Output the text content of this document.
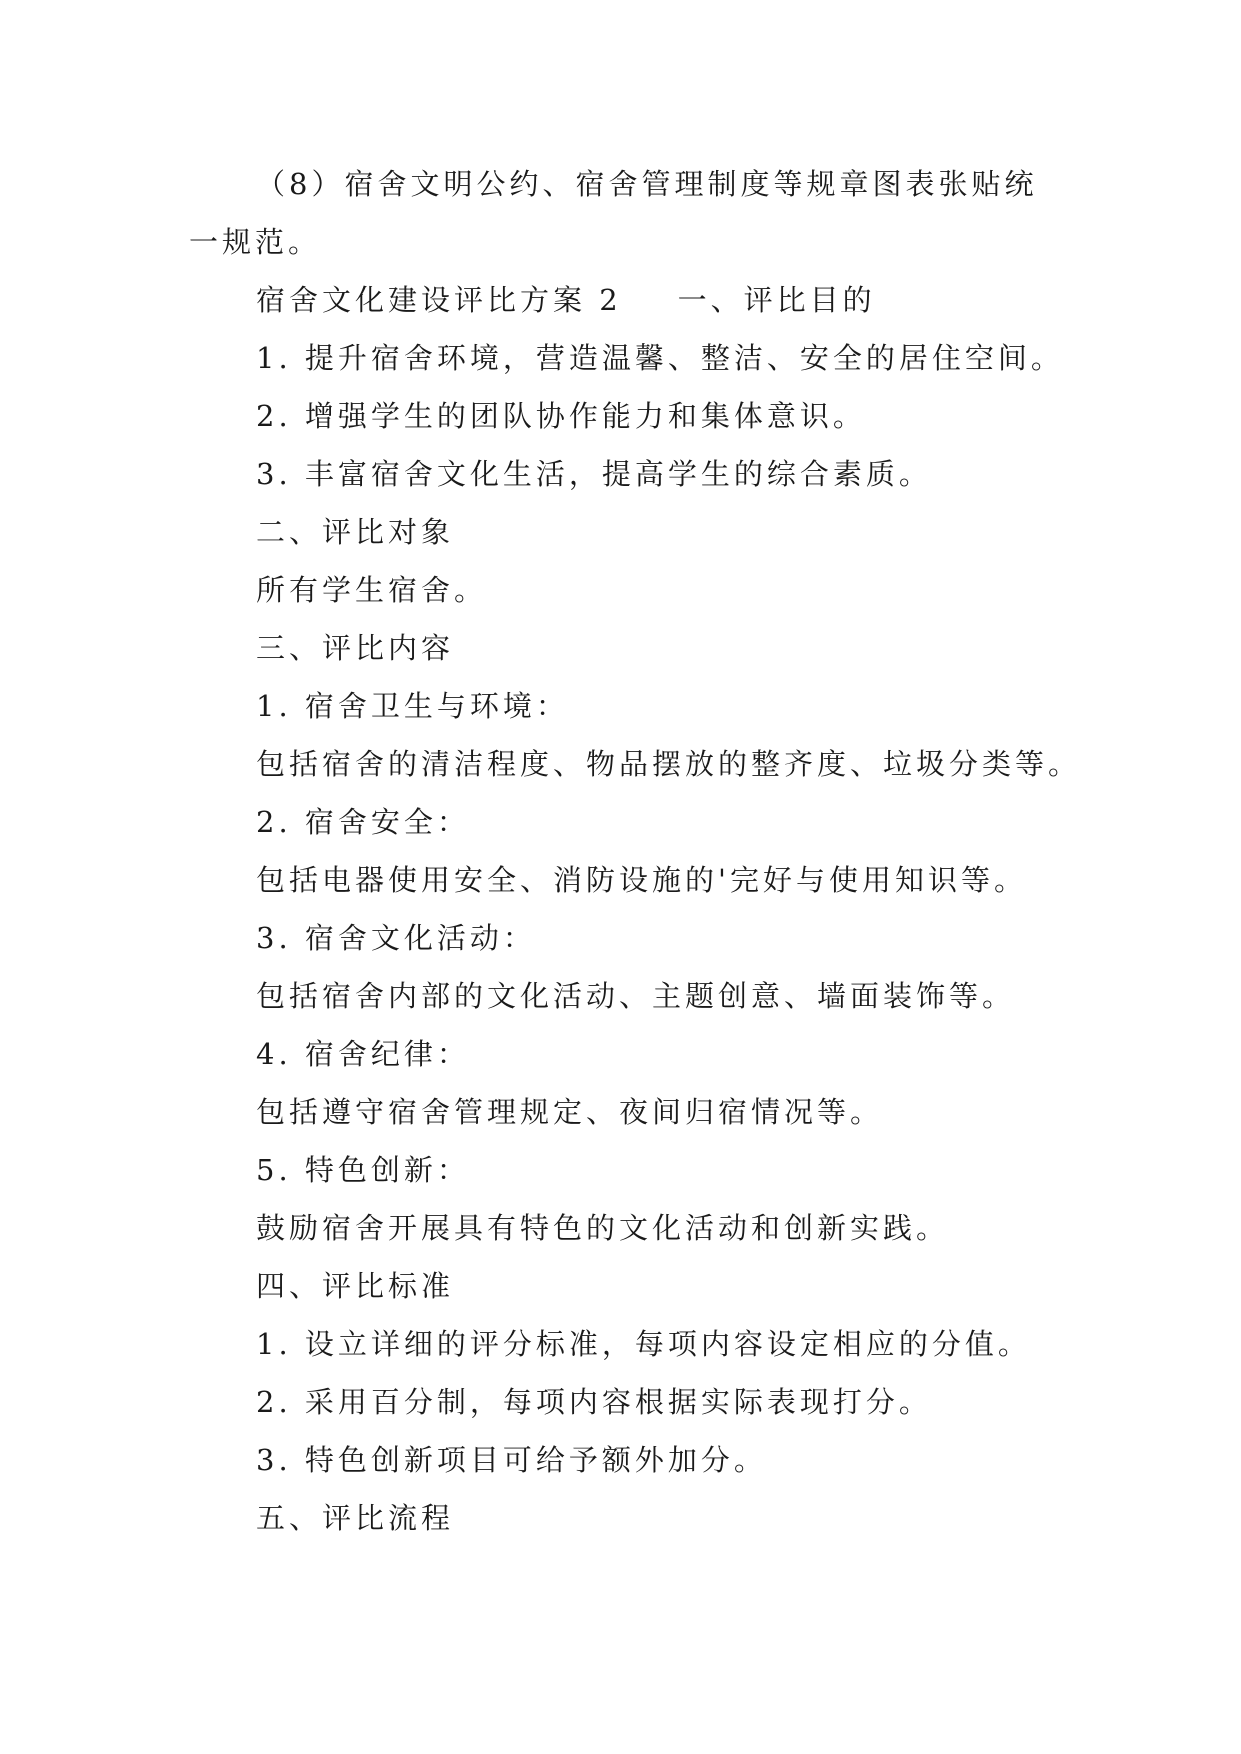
（8）宿舍文明公约、宿舍管理制度等规章图表张贴统

一规范。

宿舍文化建设评比方案 2 一、评比目的

1. 提升宿舍环境，营造温馨、整洁、安全的居住空间。

2. 增强学生的团队协作能力和集体意识。

3. 丰富宿舍文化生活，提高学生的综合素质。

二、评比对象

所有学生宿舍。

三、评比内容

1. 宿舍卫生与环境：

包括宿舍的清洁程度、物品摆放的整齐度、垃圾分类等。

2. 宿舍安全：

包括电器使用安全、消防设施的'完好与使用知识等。

3. 宿舍文化活动：

包括宿舍内部的文化活动、主题创意、墙面装饰等。

4. 宿舍纪律：

包括遵守宿舍管理规定、夜间归宿情况等。

5. 特色创新：

鼓励宿舍开展具有特色的文化活动和创新实践。

四、评比标准

1. 设立详细的评分标准，每项内容设定相应的分值。

2. 采用百分制，每项内容根据实际表现打分。

3. 特色创新项目可给予额外加分。

五、评比流程
